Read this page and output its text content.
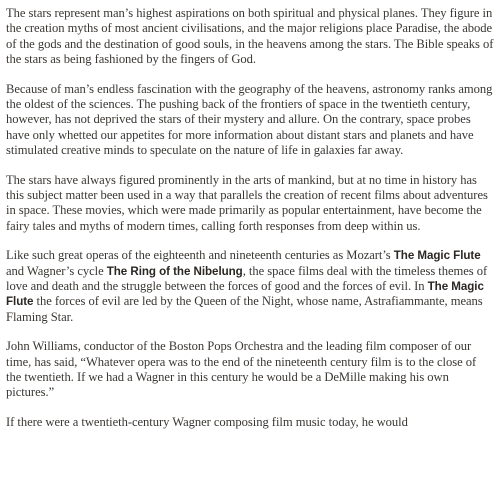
The stars represent man’s highest aspirations on both spiritual and physical planes. They figure in the creation myths of most ancient civilisations, and the major religions place Paradise, the abode of the gods and the destination of good souls, in the heavens among the stars. The Bible speaks of the stars as being fashioned by the fingers of God.

Because of man’s endless fascination with the geography of the heavens, astronomy ranks among the oldest of the sciences. The pushing back of the frontiers of space in the twentieth century, however, has not deprived the stars of their mystery and allure. On the contrary, space probes have only whetted our appetites for more information about distant stars and planets and have stimulated creative minds to speculate on the nature of life in galaxies far away.

The stars have always figured prominently in the arts of mankind, but at no time in history has this subject matter been used in a way that parallels the creation of recent films about adventures in space. These movies, which were made primarily as popular entertainment, have become the fairy tales and myths of modern times, calling forth responses from deep within us.

Like such great operas of the eighteenth and nineteenth centuries as Mozart’s The Magic Flute and Wagner’s cycle The Ring of the Nibelung, the space films deal with the timeless themes of love and death and the struggle between the forces of good and the forces of evil. In The Magic Flute the forces of evil are led by the Queen of the Night, whose name, Astrafiammante, means Flaming Star.

John Williams, conductor of the Boston Pops Orchestra and the leading film composer of our time, has said, “Whatever opera was to the end of the nineteenth century film is to the close of the twentieth. If we had a Wagner in this century he would be a DeMille making his own pictures.”

If there were a twentieth-century Wagner composing film music today, he would
